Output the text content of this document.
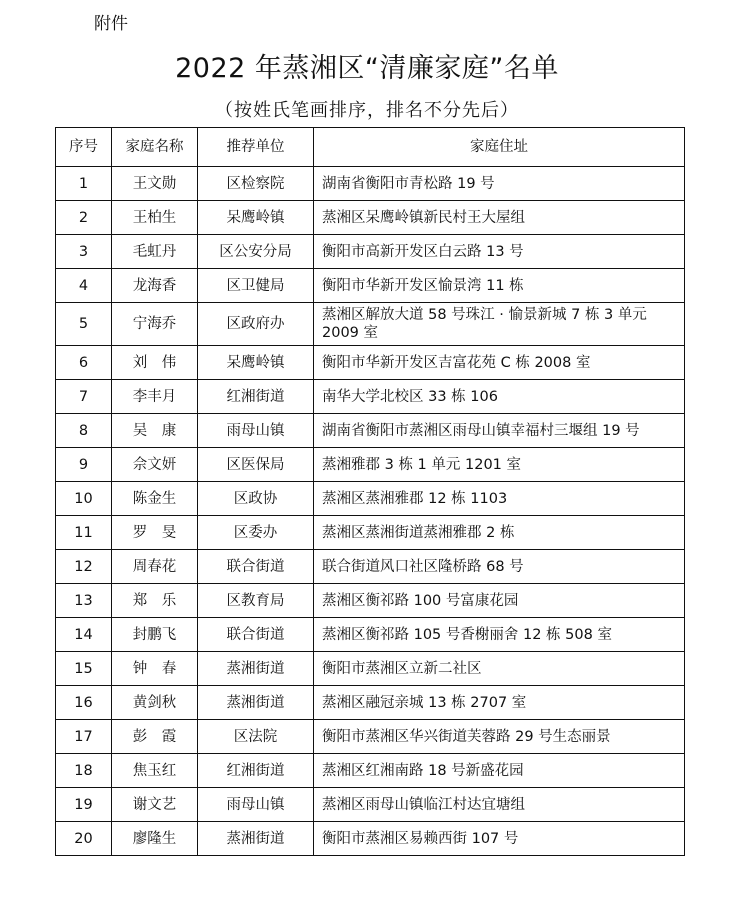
附件
2022 年蒸湘区“清廉家庭”名单
（按姓氏笔画排序，排名不分先后）
序号	家庭名称	推荐单位	家庭住址
1	王文勋	区检察院	湖南省衡阳市青松路 19 号
2	王柏生	呆鹰岭镇	蒸湘区呆鹰岭镇新民村王大屋组
3	毛虹丹	区公安分局	衡阳市高新开发区白云路 13 号
4	龙海香	区卫健局	衡阳市华新开发区愉景湾 11 栋
5	宁海乔	区政府办	蒸湘区解放大道 58 号珠江 · 愉景新城 7 栋 3 单元 2009 室
6	刘　伟	呆鹰岭镇	衡阳市华新开发区吉富花苑 C 栋 2008 室
7	李丰月	红湘街道	南华大学北校区 33 栋 106
8	吴　康	雨母山镇	湖南省衡阳市蒸湘区雨母山镇幸福村三堰组 19 号
9	佘文妍	区医保局	蒸湘雅郡 3 栋 1 单元 1201 室
10	陈金生	区政协	蒸湘区蒸湘雅郡 12 栋 1103
11	罗　旻	区委办	蒸湘区蒸湘街道蒸湘雅郡 2 栋
12	周春花	联合街道	联合街道风口社区隆桥路 68 号
13	郑　乐	区教育局	蒸湘区衡祁路 100 号富康花园
14	封鹏飞	联合街道	蒸湘区衡祁路 105 号香榭丽舍 12 栋 508 室
15	钟　春	蒸湘街道	衡阳市蒸湘区立新二社区
16	黄剑秋	蒸湘街道	蒸湘区融冠亲城 13 栋 2707 室
17	彭　霞	区法院	衡阳市蒸湘区华兴街道芙蓉路 29 号生态丽景
18	焦玉红	红湘街道	蒸湘区红湘南路 18 号新盛花园
19	谢文艺	雨母山镇	蒸湘区雨母山镇临江村达宜塘组
20	廖隆生	蒸湘街道	衡阳市蒸湘区易赖西街 107 号
